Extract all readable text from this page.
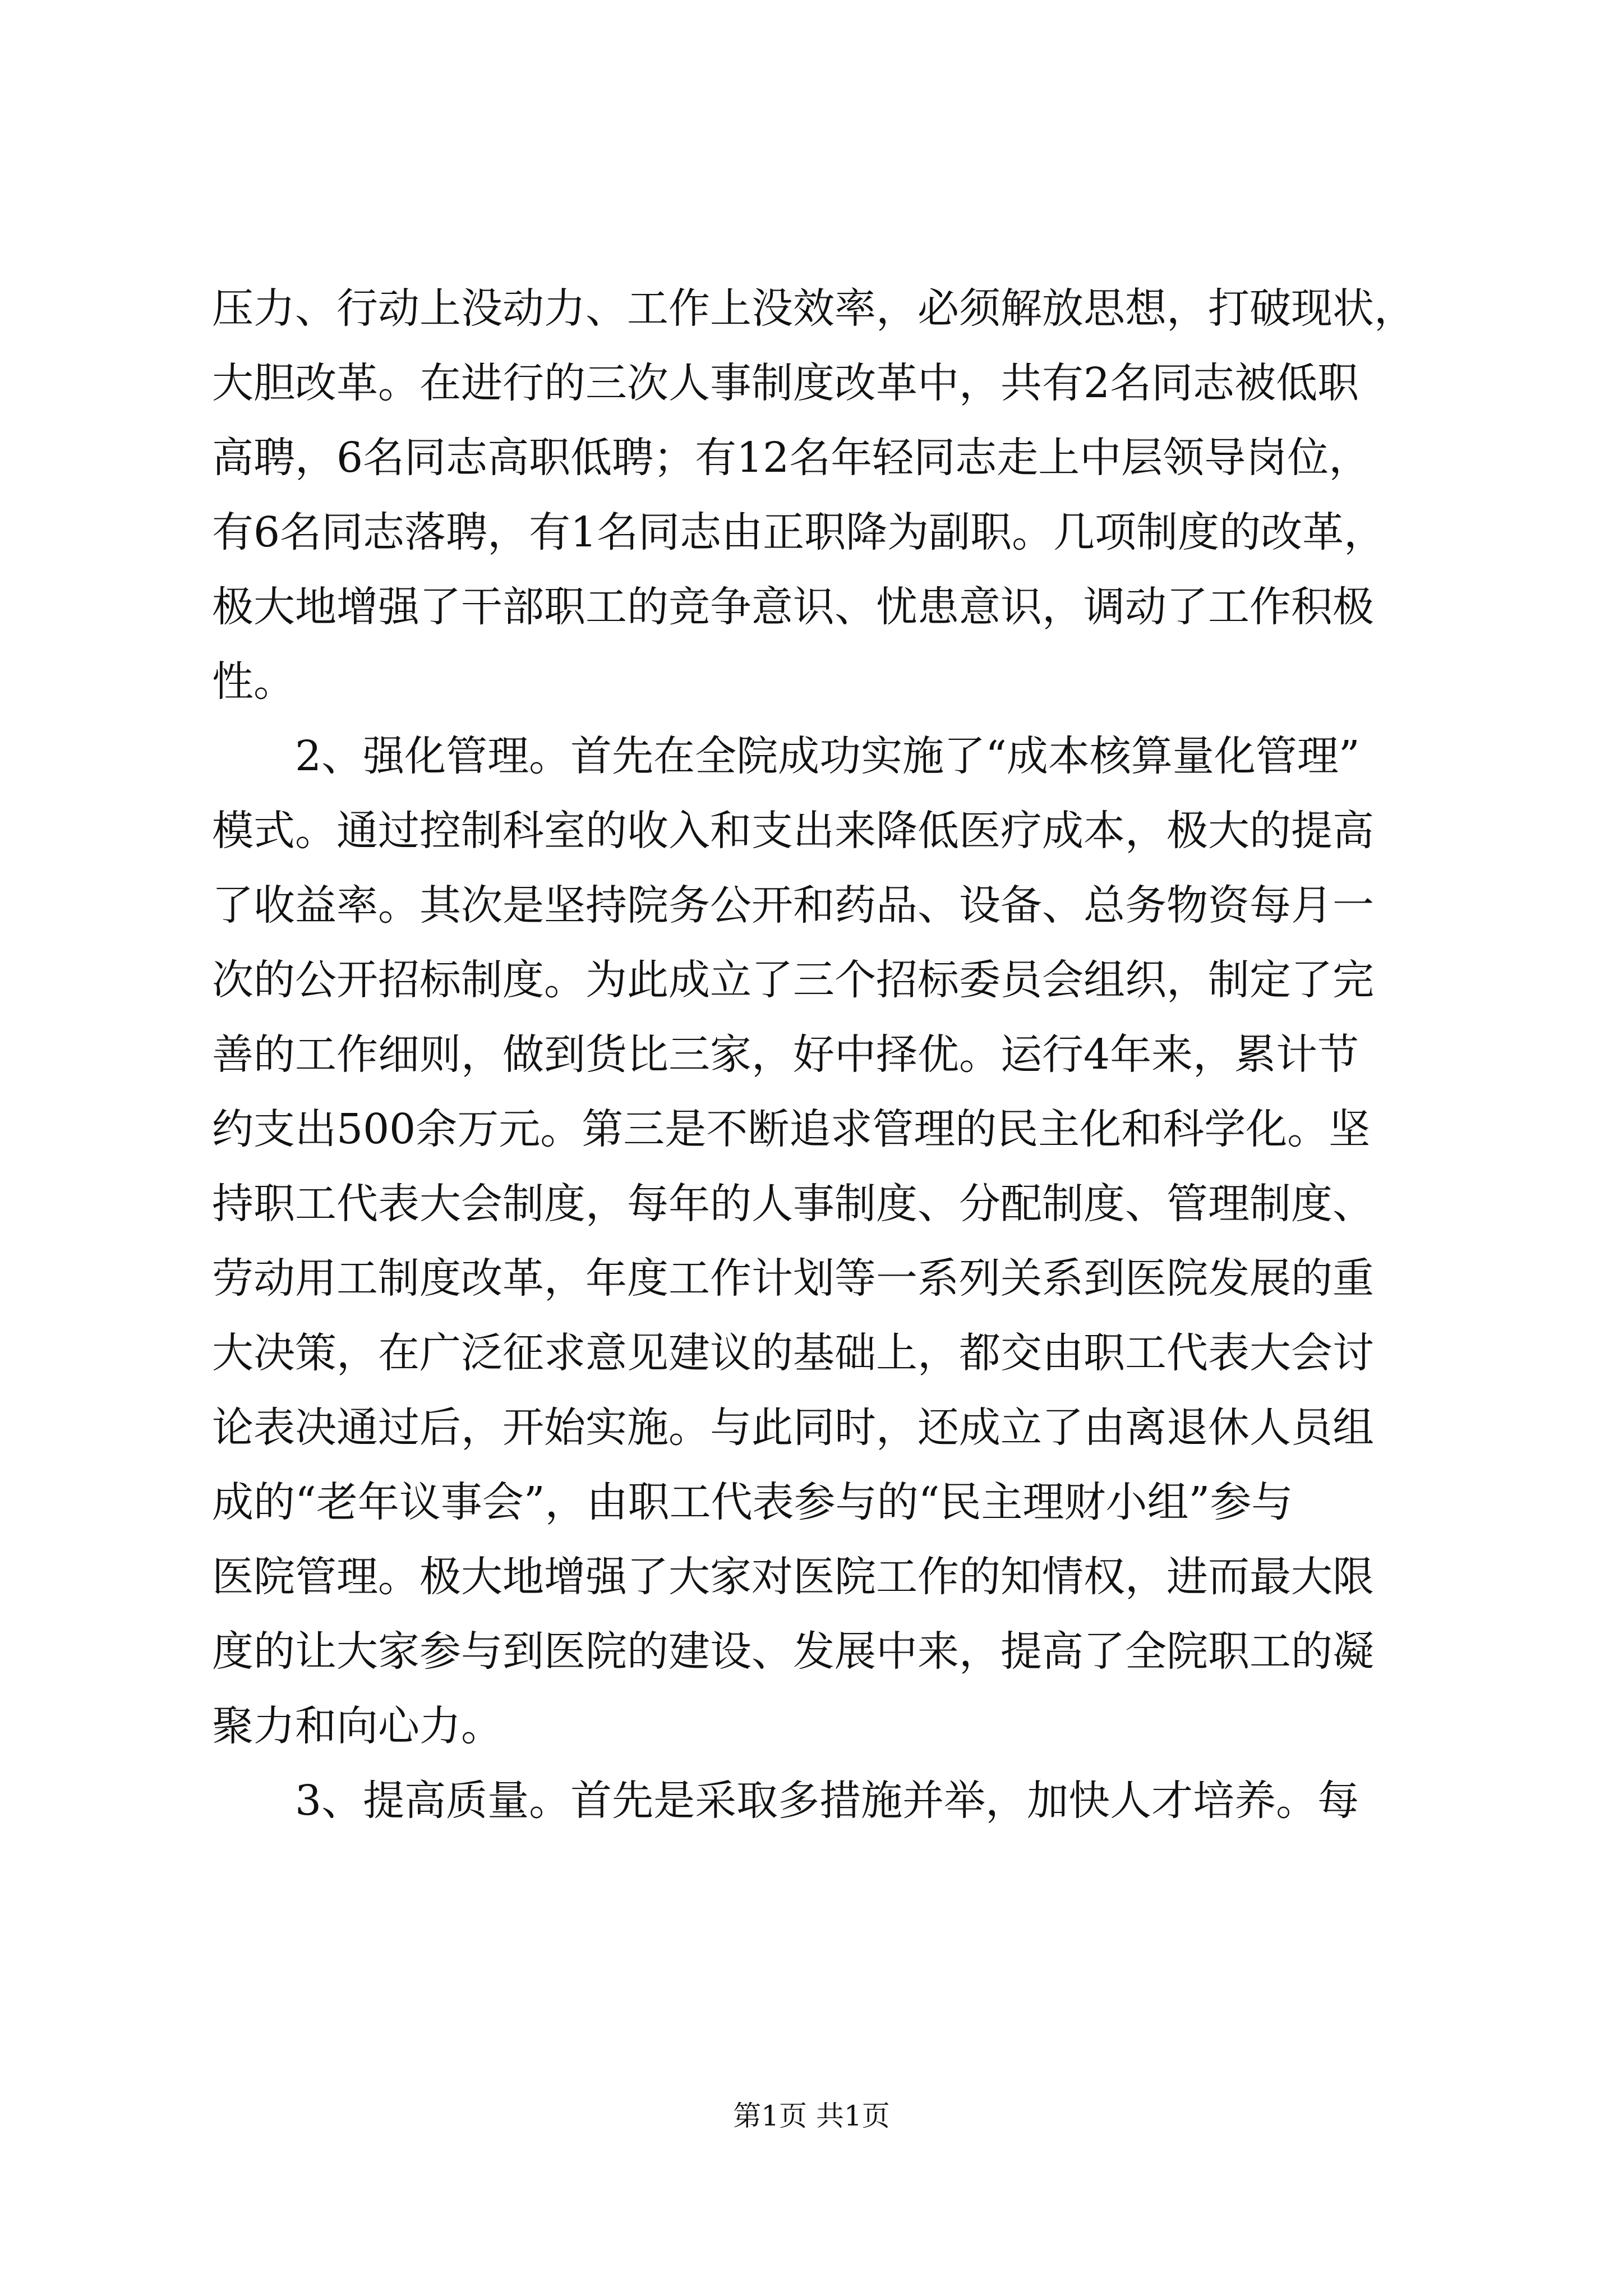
压力、行动上没动力、工作上没效率，必须解放思想，打破现状，
大胆改革。在进行的三次人事制度改革中，共有2名同志被低职
高聘，6名同志高职低聘；有12名年轻同志走上中层领导岗位，
有6名同志落聘，有1名同志由正职降为副职。几项制度的改革，
极大地增强了干部职工的竞争意识、忧患意识，调动了工作积极
性。
2、强化管理。首先在全院成功实施了“成本核算量化管理”
模式。通过控制科室的收入和支出来降低医疗成本，极大的提高
了收益率。其次是坚持院务公开和药品、设备、总务物资每月一
次的公开招标制度。为此成立了三个招标委员会组织，制定了完
善的工作细则，做到货比三家，好中择优。运行4年来，累计节
约支出500余万元。第三是不断追求管理的民主化和科学化。坚
持职工代表大会制度，每年的人事制度、分配制度、管理制度、
劳动用工制度改革，年度工作计划等一系列关系到医院发展的重
大决策，在广泛征求意见建议的基础上，都交由职工代表大会讨
论表决通过后，开始实施。与此同时，还成立了由离退休人员组
成的“老年议事会”，由职工代表参与的“民主理财小组”参与
医院管理。极大地增强了大家对医院工作的知情权，进而最大限
度的让大家参与到医院的建设、发展中来，提高了全院职工的凝
聚力和向心力。
3、提高质量。首先是采取多措施并举，加快人才培养。每
第1页 共1页
